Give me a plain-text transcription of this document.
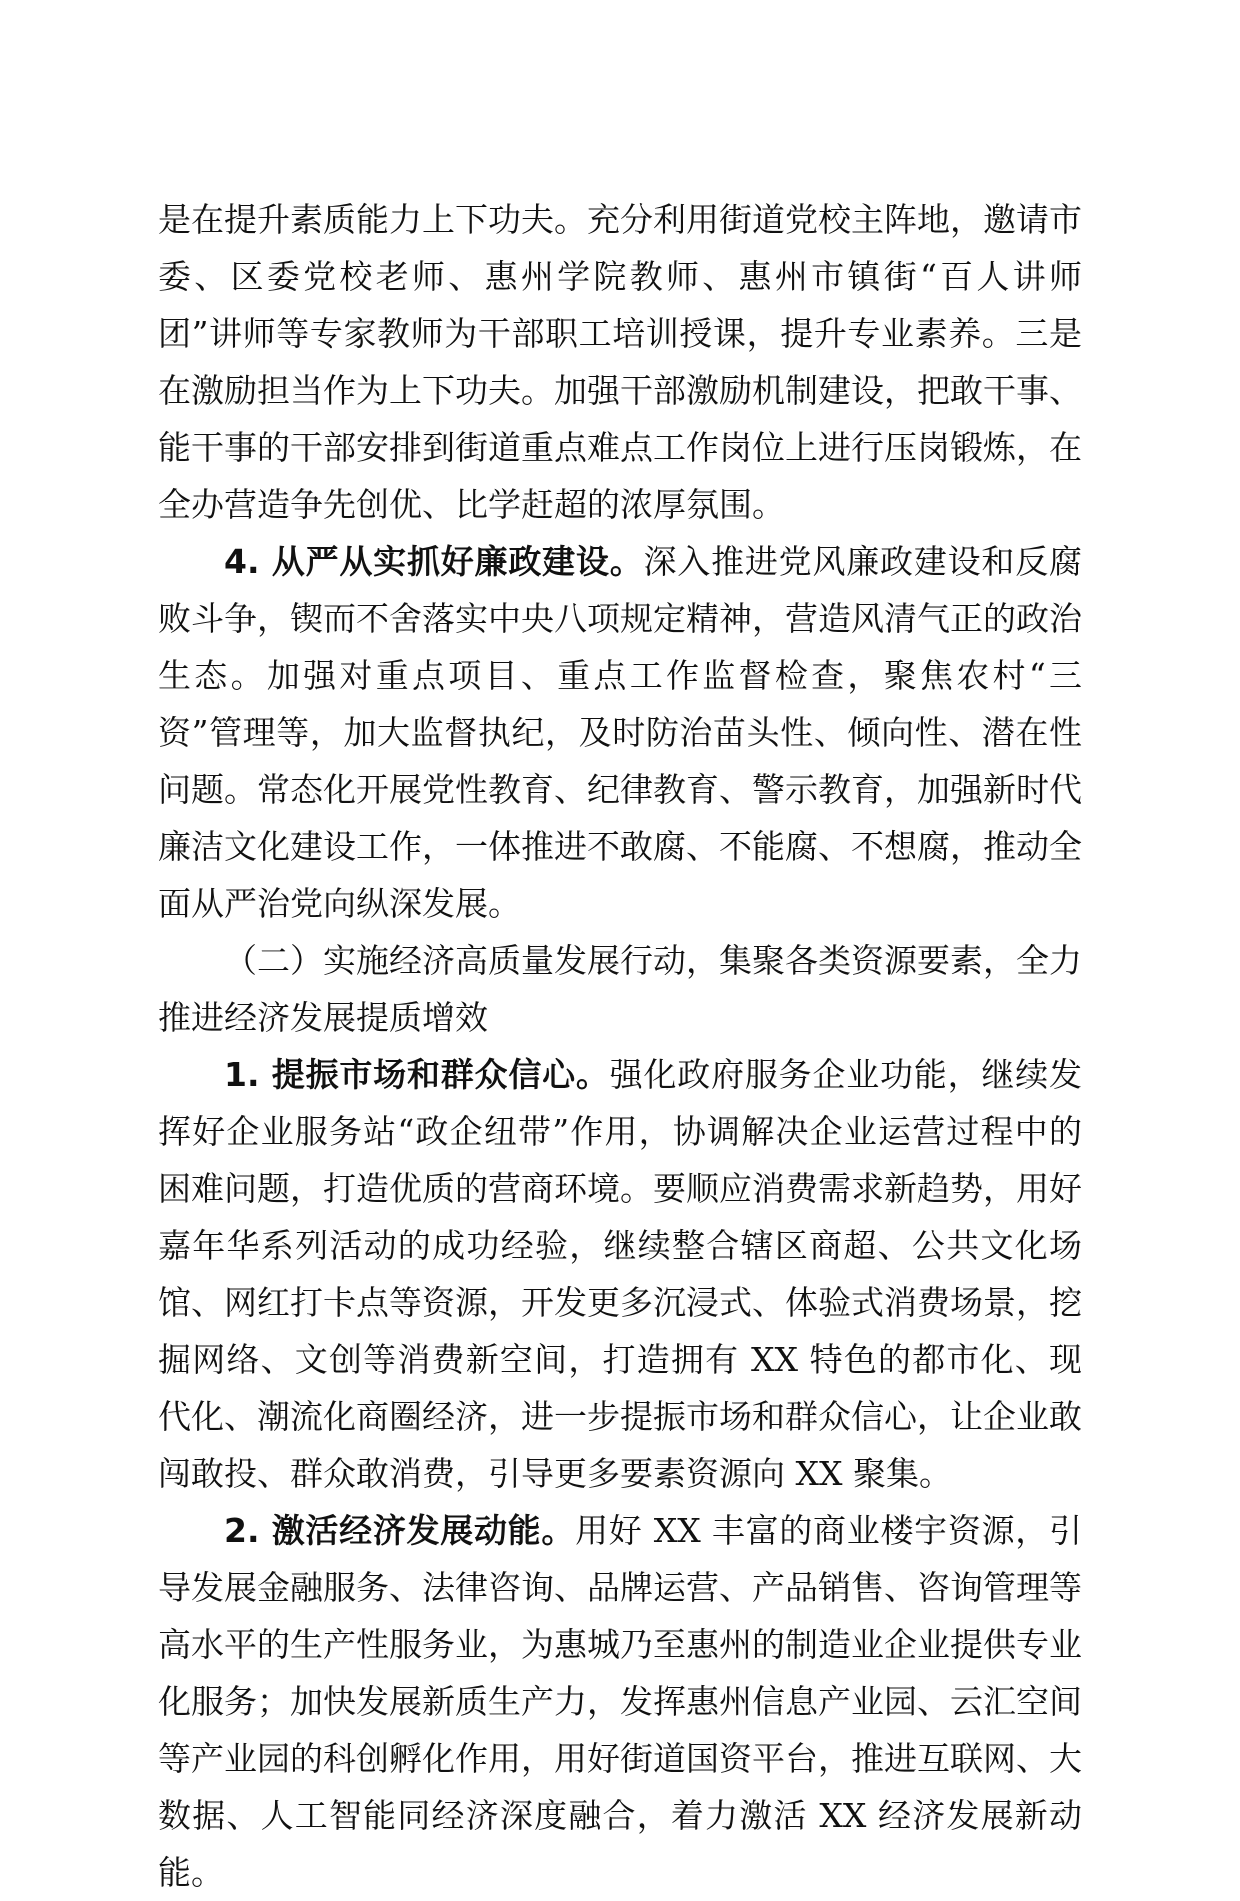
是在提升素质能力上下功夫。充分利用街道党校主阵地，邀请市委、区委党校老师、惠州学院教师、惠州市镇街“百人讲师团”讲师等专家教师为干部职工培训授课，提升专业素养。三是在激励担当作为上下功夫。加强干部激励机制建设，把敢干事、能干事的干部安排到街道重点难点工作岗位上进行压岗锻炼，在全办营造争先创优、比学赶超的浓厚氛围。

4. 从严从实抓好廉政建设。深入推进党风廉政建设和反腐败斗争，锲而不舍落实中央八项规定精神，营造风清气正的政治生态。加强对重点项目、重点工作监督检查，聚焦农村“三资”管理等，加大监督执纪，及时防治苗头性、倾向性、潜在性问题。常态化开展党性教育、纪律教育、警示教育，加强新时代廉洁文化建设工作，一体推进不敢腐、不能腐、不想腐，推动全面从严治党向纵深发展。

（二）实施经济高质量发展行动，集聚各类资源要素，全力推进经济发展提质增效

1. 提振市场和群众信心。强化政府服务企业功能，继续发挥好企业服务站“政企纽带”作用，协调解决企业运营过程中的困难问题，打造优质的营商环境。要顺应消费需求新趋势，用好嘉年华系列活动的成功经验，继续整合辖区商超、公共文化场馆、网红打卡点等资源，开发更多沉浸式、体验式消费场景，挖掘网络、文创等消费新空间，打造拥有 XX 特色的都市化、现代化、潮流化商圈经济，进一步提振市场和群众信心，让企业敢闯敢投、群众敢消费，引导更多要素资源向 XX 聚集。

2. 激活经济发展动能。用好 XX 丰富的商业楼宇资源，引导发展金融服务、法律咨询、品牌运营、产品销售、咨询管理等高水平的生产性服务业，为惠城乃至惠州的制造业企业提供专业化服务；加快发展新质生产力，发挥惠州信息产业园、云汇空间等产业园的科创孵化作用，用好街道国资平台，推进互联网、大数据、人工智能同经济深度融合，着力激活 XX 经济发展新动能。
